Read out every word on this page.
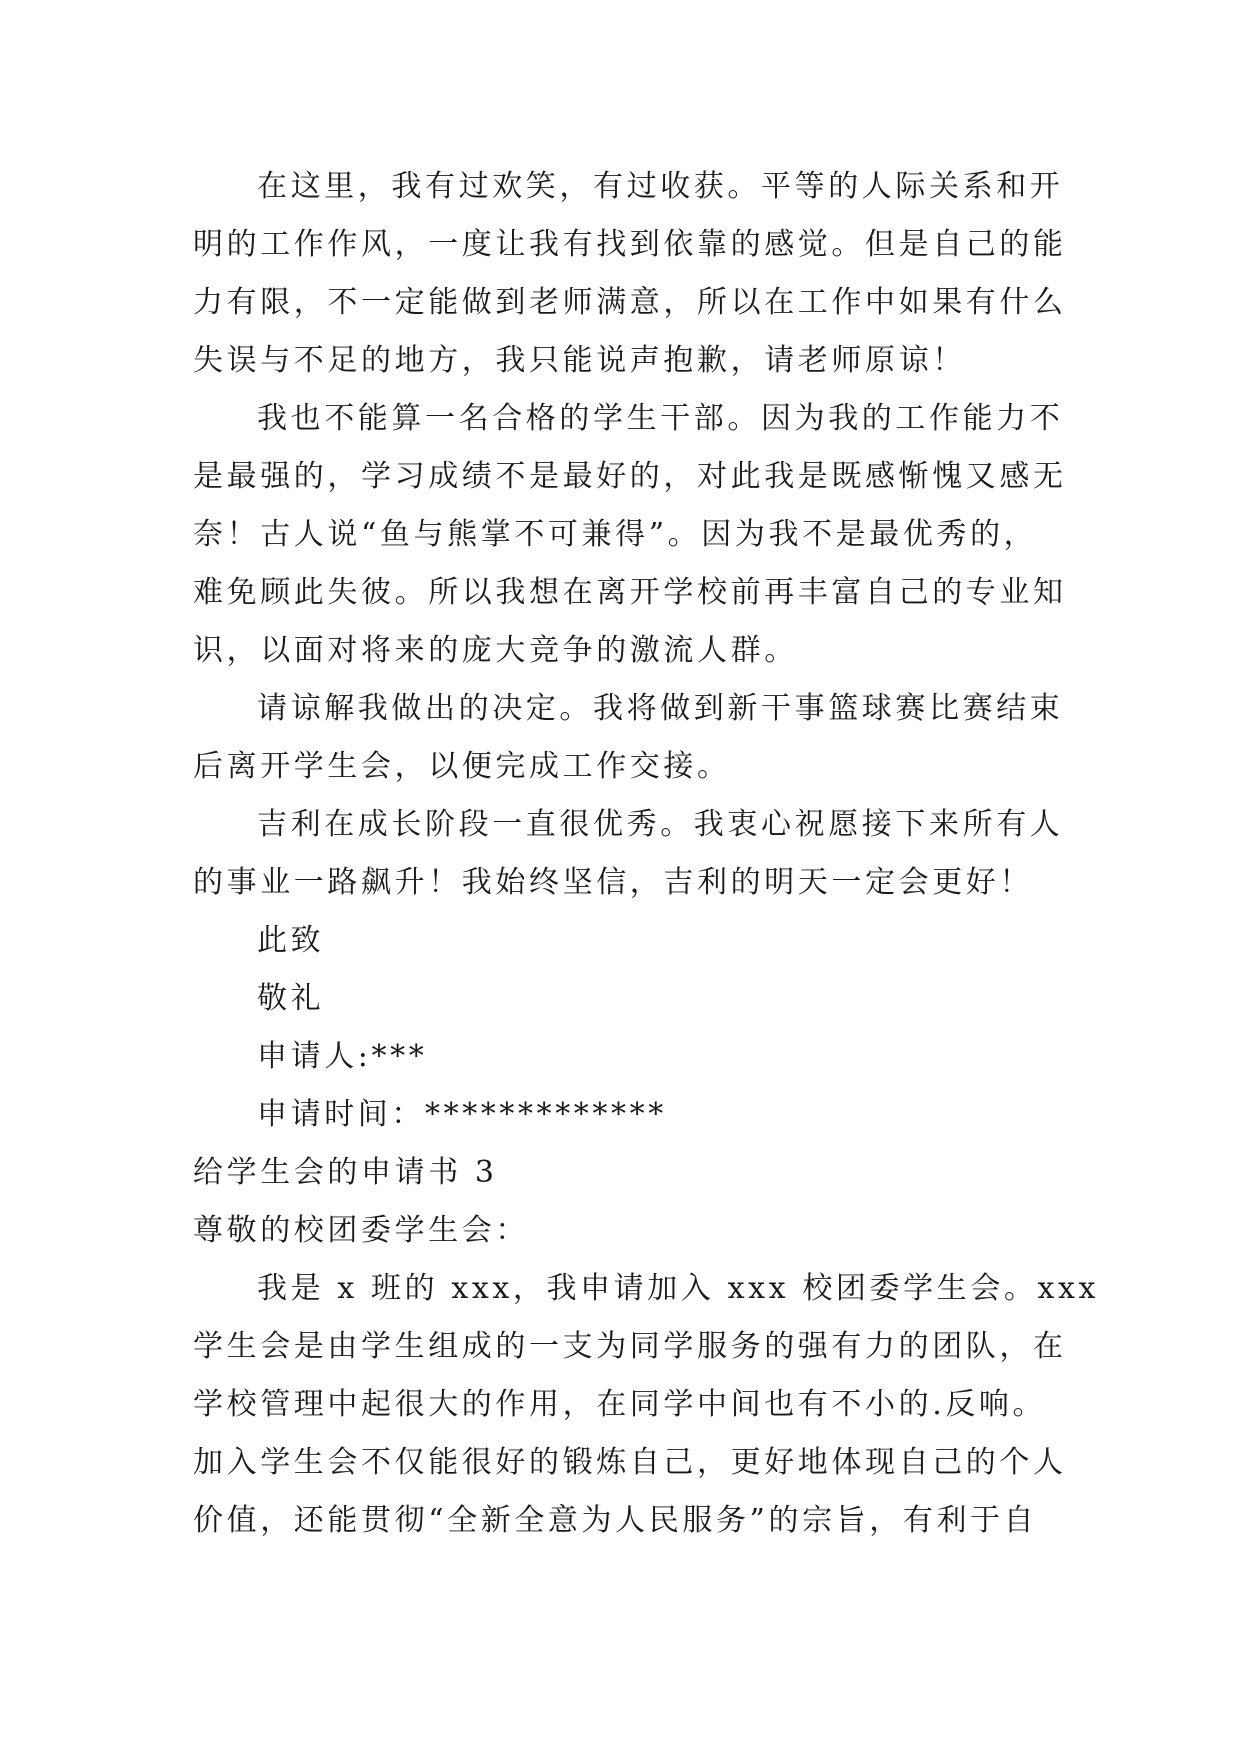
在这里，我有过欢笑，有过收获。平等的人际关系和开
明的工作作风，一度让我有找到依靠的感觉。但是自己的能
力有限，不一定能做到老师满意，所以在工作中如果有什么
失误与不足的地方，我只能说声抱歉，请老师原谅！
我也不能算一名合格的学生干部。因为我的工作能力不
是最强的，学习成绩不是最好的，对此我是既感惭愧又感无
奈！古人说“鱼与熊掌不可兼得”。因为我不是最优秀的，
难免顾此失彼。所以我想在离开学校前再丰富自己的专业知
识，以面对将来的庞大竞争的激流人群。
请谅解我做出的决定。我将做到新干事篮球赛比赛结束
后离开学生会，以便完成工作交接。
吉利在成长阶段一直很优秀。我衷心祝愿接下来所有人
的事业一路飙升！我始终坚信，吉利的明天一定会更好！
此致
敬礼
申请人:***
申请时间：*************
给学生会的申请书 3
尊敬的校团委学生会：
我是 x 班的 xxx，我申请加入 xxx 校团委学生会。xxx
学生会是由学生组成的一支为同学服务的强有力的团队，在
学校管理中起很大的作用，在同学中间也有不小的.反响。
加入学生会不仅能很好的锻炼自己，更好地体现自己的个人
价值，还能贯彻“全新全意为人民服务”的宗旨，有利于自
